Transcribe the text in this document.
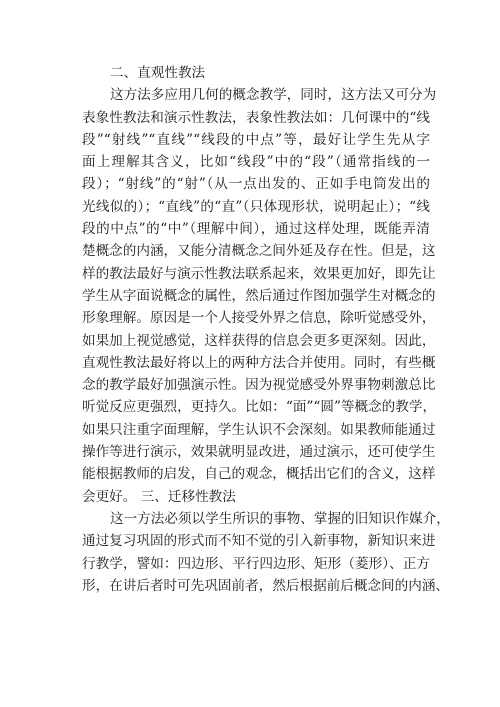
二、直观性教法
这方法多应用几何的概念教学，同时，这方法又可分为
表象性教法和演示性教法，表象性教法如：几何课中的“线
段”“射线”“直线”“线段的中点”等，最好让学生先从字
面上理解其含义，比如“线段”中的“段”（通常指线的一
段）；“射线”的“射”（从一点出发的、正如手电筒发出的
光线似的）；“直线”的“直”（只体现形状，说明起止）；“线
段的中点”的“中”（理解中间），通过这样处理，既能弄清
楚概念的内涵，又能分清概念之间外延及存在性。但是，这
样的教法最好与演示性教法联系起来，效果更加好，即先让
学生从字面说概念的属性，然后通过作图加强学生对概念的
形象理解。原因是一个人接受外界之信息，除听觉感受外，
如果加上视觉感觉，这样获得的信息会更多更深刻。因此，
直观性教法最好将以上的两种方法合并使用。同时，有些概
念的教学最好加强演示性。因为视觉感受外界事物刺激总比
听觉反应更强烈，更持久。比如：“面”“圆”等概念的教学，
如果只注重字面理解，学生认识不会深刻。如果教师能通过
操作等进行演示，效果就明显改进，通过演示，还可使学生
能根据教师的启发，自己的观念，概括出它们的含义，这样
会更好。 三、迁移性教法
这一方法必须以学生所识的事物、掌握的旧知识作媒介，
通过复习巩固的形式而不知不觉的引入新事物，新知识来进
行教学，譬如：四边形、平行四边形、矩形（菱形）、正方
形，在讲后者时可先巩固前者，然后根据前后概念间的内涵、
